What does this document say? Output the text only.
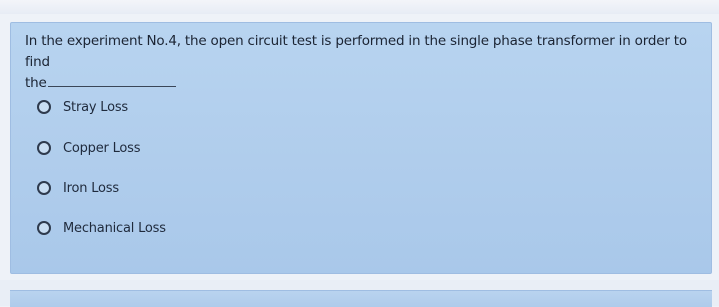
In the experiment No.4, the open circuit test is performed in the single phase transformer in order to find
the
Stray Loss
Copper Loss
Iron Loss
Mechanical Loss
